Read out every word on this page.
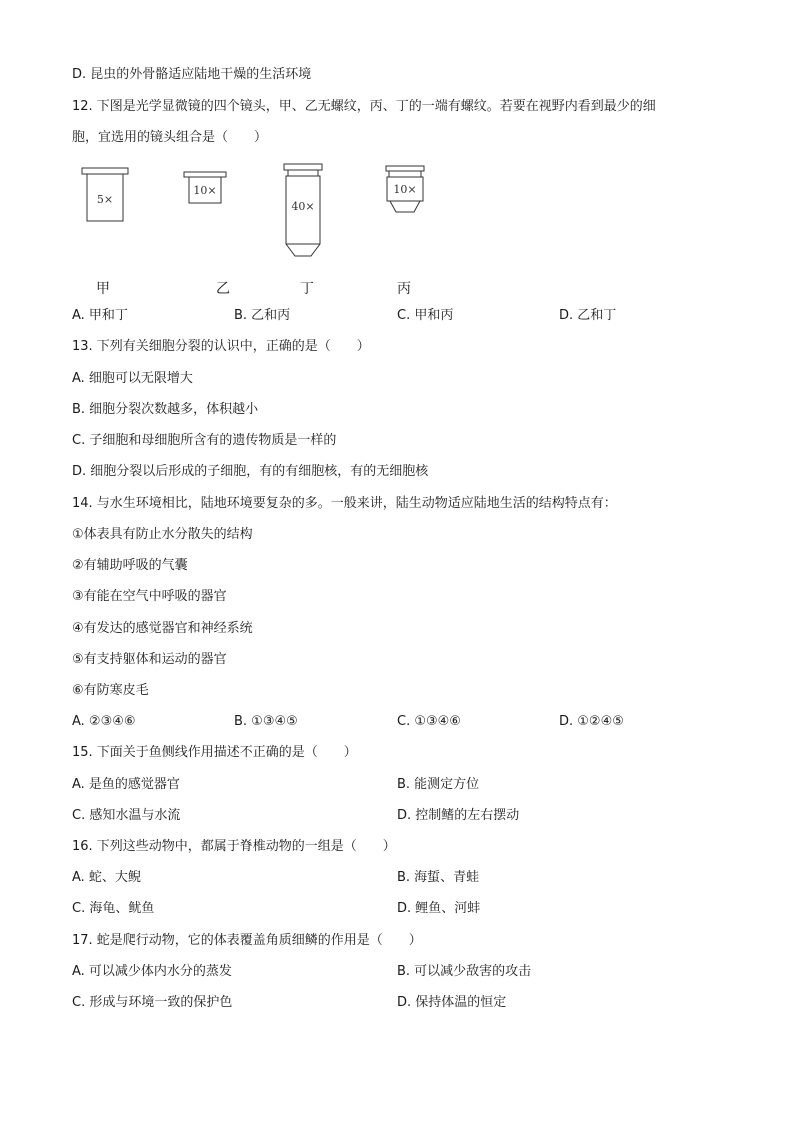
D. 昆虫的外骨骼适应陆地干燥的生活环境
12. 下图是光学显微镜的四个镜头，甲、乙无螺纹，丙、丁的一端有螺纹。若要在视野内看到最少的细
胞，宜选用的镜头组合是（　　）
5×
10×
40×
10×
甲	乙	丁	丙
A. 甲和丁	B. 乙和丙	C. 甲和丙	D. 乙和丁
13. 下列有关细胞分裂的认识中，正确的是（　　）
A. 细胞可以无限增大
B. 细胞分裂次数越多，体积越小
C. 子细胞和母细胞所含有的遗传物质是一样的
D. 细胞分裂以后形成的子细胞，有的有细胞核，有的无细胞核
14. 与水生环境相比，陆地环境要复杂的多。一般来讲，陆生动物适应陆地生活的结构特点有：
①体表具有防止水分散失的结构
②有辅助呼吸的气囊
③有能在空气中呼吸的器官
④有发达的感觉器官和神经系统
⑤有支持躯体和运动的器官
⑥有防寒皮毛
A. ②③④⑥	B. ①③④⑤	C. ①③④⑥	D. ①②④⑤
15. 下面关于鱼侧线作用描述不正确的是（　　）
A. 是鱼的感觉器官	B. 能测定方位
C. 感知水温与水流	D. 控制鳍的左右摆动
16. 下列这些动物中，都属于脊椎动物的一组是（　　）
A. 蛇、大鲵	B. 海蜇、青蛙
C. 海龟、鱿鱼	D. 鲤鱼、河蚌
17. 蛇是爬行动物，它的体表覆盖角质细鳞的作用是（　　）
A. 可以减少体内水分的蒸发	B. 可以减少敌害的攻击
C. 形成与环境一致的保护色	D. 保持体温的恒定
